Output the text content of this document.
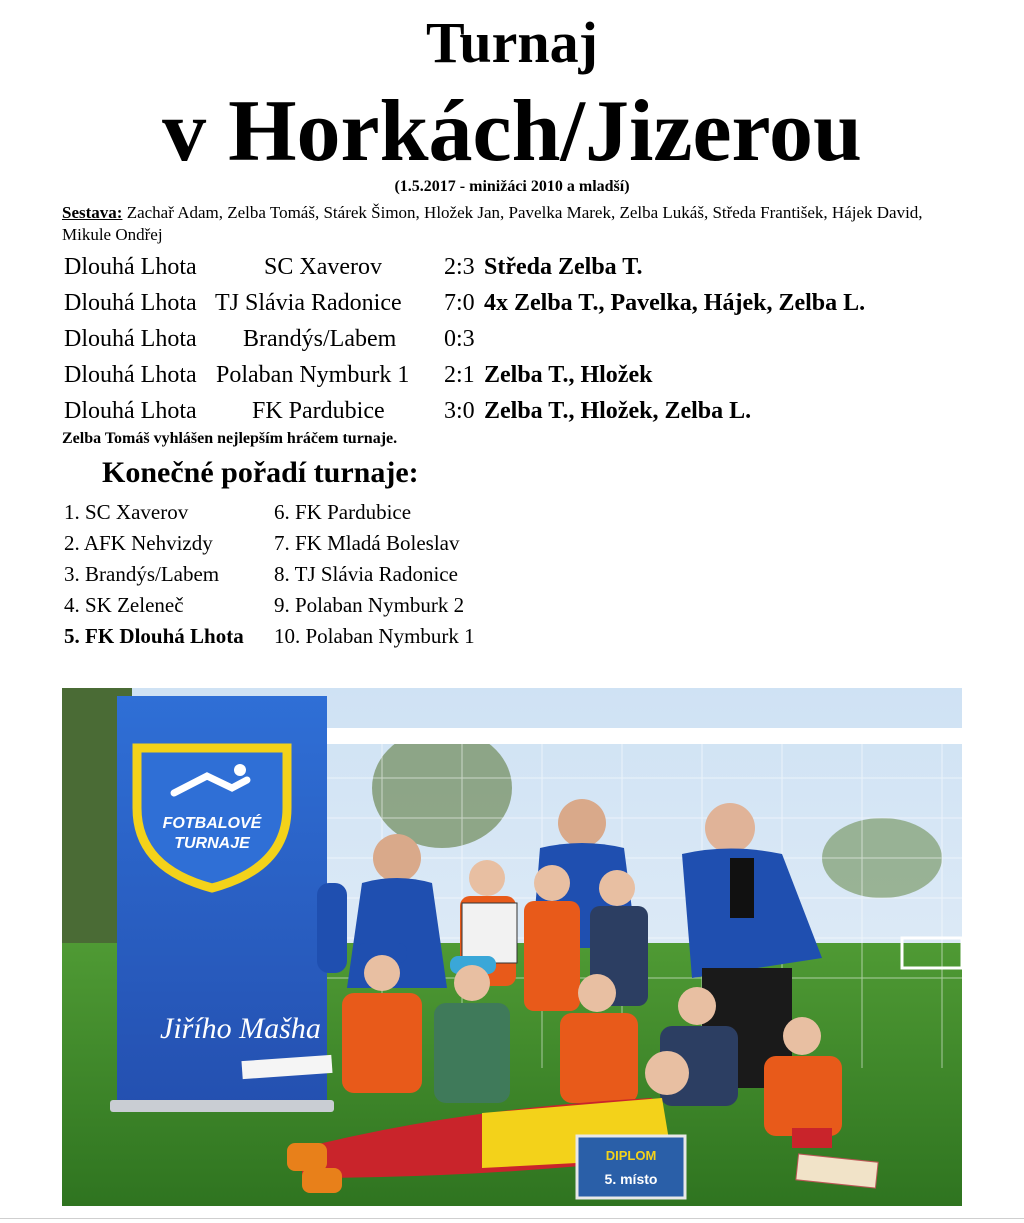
Turnaj
v Horkách/Jizerou
(1.5.2017 - minižáci 2010 a mladší)
Sestava: Zachař Adam, Zelba Tomáš, Stárek Šimon, Hložek Jan, Pavelka Marek, Zelba Lukáš, Středa František, Hájek David, Mikule Ondřej
Dlouhá Lhota	SC Xaverov	2:3 Středa Zelba T.
Dlouhá Lhota TJ Slávia Radonice 7:0 4x Zelba T., Pavelka, Hájek, Zelba L.
Dlouhá Lhota Brandýs/Labem 0:3
Dlouhá Lhota Polaban Nymburk 1 2:1 Zelba T., Hložek
Dlouhá Lhota FK Pardubice 3:0 Zelba T., Hložek, Zelba L.
Zelba Tomáš vyhlášen nejlepším hráčem turnaje.
Konečné pořadí turnaje:
1. SC Xaverov	6. FK Pardubice
2. AFK Nehvizdy	7. FK Mladá Boleslav
3. Brandýs/Labem	8. TJ Slávia Radonice
4. SK Zeleneč	9. Polaban Nymburk 2
5. FK Dlouhá Lhota 10. Polaban Nymburk 1
FOTBALOVÉ
TURNAJE
Jiřího Mašha
DIPLOM
5. místo
